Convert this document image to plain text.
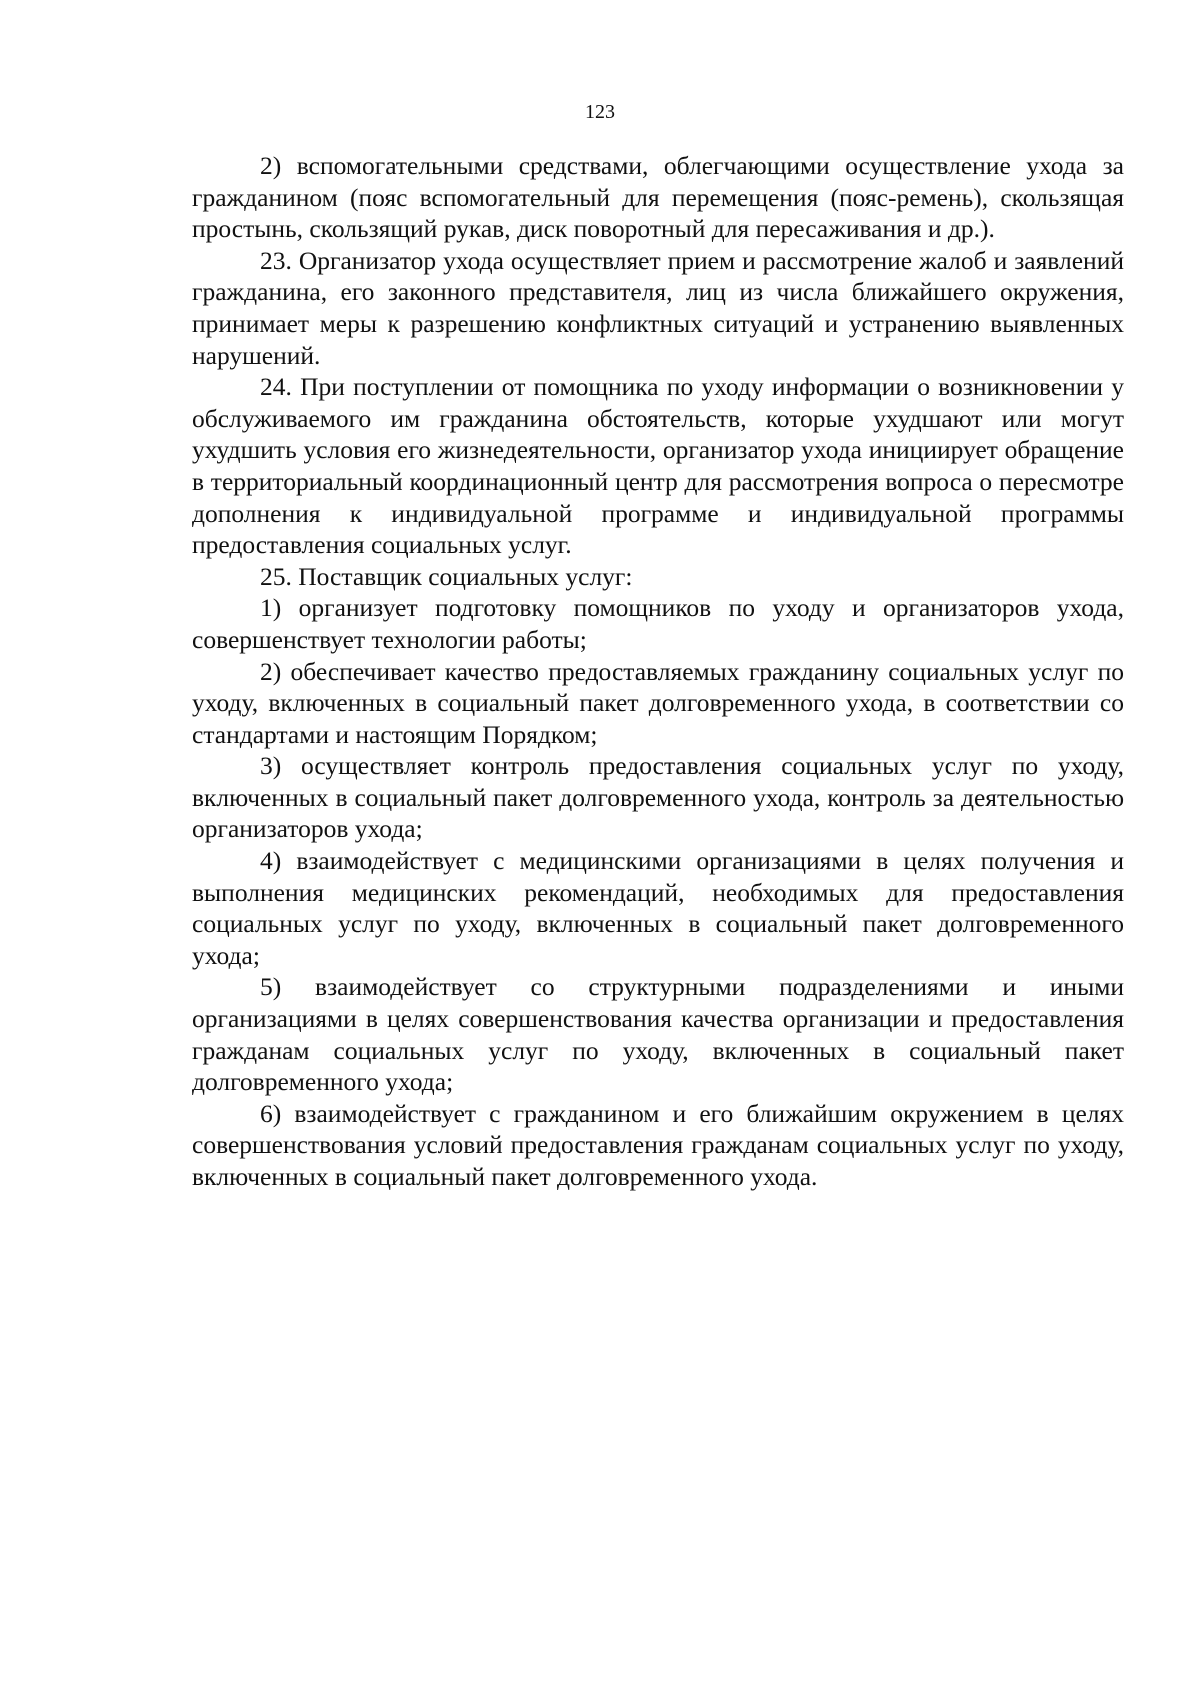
123

2) вспомогательными средствами, облегчающими осуществление ухода за гражданином (пояс вспомогательный для перемещения (пояс-ремень), скользящая простынь, скользящий рукав, диск поворотный для пересаживания и др.).

23. Организатор ухода осуществляет прием и рассмотрение жалоб и заявлений гражданина, его законного представителя, лиц из числа ближайшего окружения, принимает меры к разрешению конфликтных ситуаций и устранению выявленных нарушений.

24. При поступлении от помощника по уходу информации о возникновении у обслуживаемого им гражданина обстоятельств, которые ухудшают или могут ухудшить условия его жизнедеятельности, организатор ухода инициирует обращение в территориальный координационный центр для рассмотрения вопроса о пересмотре дополнения к индивидуальной программе и индивидуальной программы предоставления социальных услуг.

25. Поставщик социальных услуг:

1) организует подготовку помощников по уходу и организаторов ухода, совершенствует технологии работы;

2) обеспечивает качество предоставляемых гражданину социальных услуг по уходу, включенных в социальный пакет долговременного ухода, в соответствии со стандартами и настоящим Порядком;

3) осуществляет контроль предоставления социальных услуг по уходу, включенных в социальный пакет долговременного ухода, контроль за деятельностью организаторов ухода;

4) взаимодействует с медицинскими организациями в целях получения и выполнения медицинских рекомендаций, необходимых для предоставления социальных услуг по уходу, включенных в социальный пакет долговременного ухода;

5) взаимодействует со структурными подразделениями и иными организациями в целях совершенствования качества организации и предоставления гражданам социальных услуг по уходу, включенных в социальный пакет долговременного ухода;

6) взаимодействует с гражданином и его ближайшим окружением в целях совершенствования условий предоставления гражданам социальных услуг по уходу, включенных в социальный пакет долговременного ухода.
